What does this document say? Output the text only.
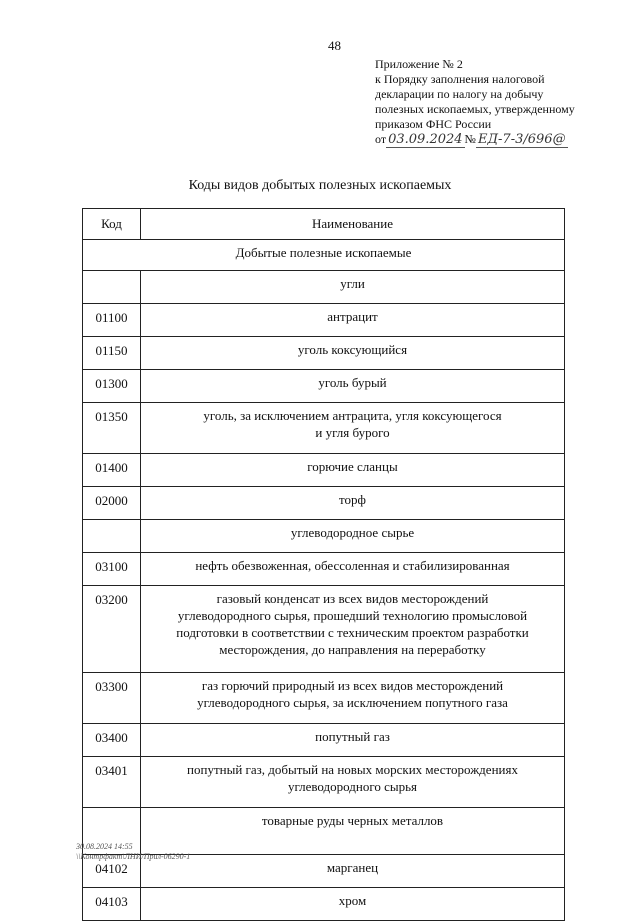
48
Приложение № 2
к Порядку заполнения налоговой
декларации по налогу на добычу
полезных ископаемых, утвержденному
приказом ФНС России
от 03.09.2024 № ЕД-7-3/696@
Коды видов добытых полезных ископаемых
Код	Наименование
Добытые полезные ископаемые	
	угли
01100	антрацит
01150	уголь коксующийся
01300	уголь бурый
01350	уголь, за исключением антрацита, угля коксующегося
и угля бурого
01400	горючие сланцы
02000	торф
	углеводородное сырье
03100	нефть обезвоженная, обессоленная и стабилизированная
03200	газовый конденсат из всех видов месторождений
углеводородного сырья, прошедший технологию промысловой
подготовки в соответствии с техническим проектом разработки
месторождения, до направления на переработку
03300	газ горючий природный из всех видов месторождений
углеводородного сырья, за исключением попутного газа
03400	попутный газ
03401	попутный газ, добытый на новых морских месторождениях
углеводородного сырья
	товарные руды черных металлов
04102	марганец
04103	хром
30.08.2024 14:55
\\Контрфакт\ЛНИ/Прил-06290-1
